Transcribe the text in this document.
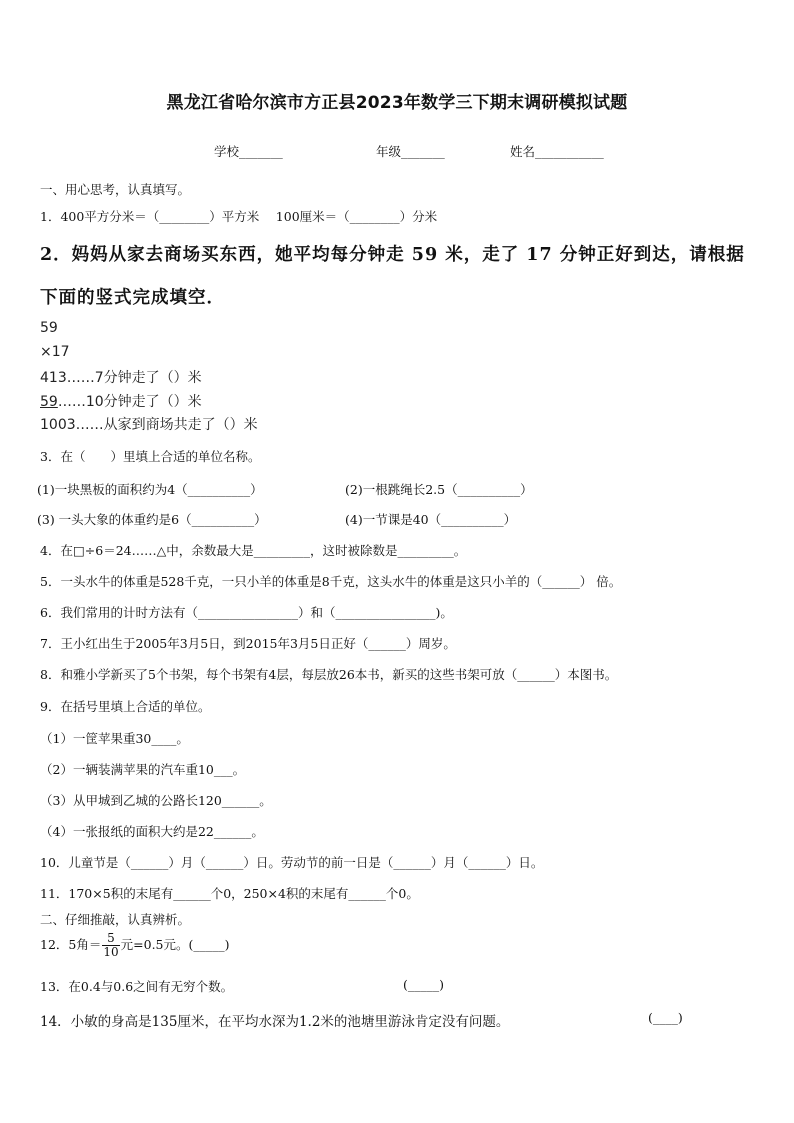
黑龙江省哈尔滨市方正县2023年数学三下期末调研模拟试题
学校_______	年级_______	姓名___________
一、用心思考，认真填写。
1．400平方分米＝（________）平方米　 100厘米＝（________）分米
2．妈妈从家去商场买东西，她平均每分钟走 59 米，走了 17 分钟正好到达，请根据
下面的竖式完成填空．
59
×17
413……7分钟走了（）米
59……10分钟走了（）米
1003……从家到商场共走了（）米
3．在（　　）里填上合适的单位名称。
(1)一块黑板的面积约为4（__________）	(2)一根跳绳长2.5（__________）
(3) 一头大象的体重约是6（__________）	(4)一节课是40（__________）
4．在□÷6＝24……△中，余数最大是_________，这时被除数是_________。
5．一头水牛的体重是528千克，一只小羊的体重是8千克，这头水牛的体重是这只小羊的（______） 倍。
6．我们常用的计时方法有（________________）和（________________)。
7．王小红出生于2005年3月5日，到2015年3月5日正好（______）周岁。
8．和雅小学新买了5个书架，每个书架有4层，每层放26本书，新买的这些书架可放（______）本图书。
9．在括号里填上合适的单位。
（1）一筐苹果重30____。
（2）一辆装满苹果的汽车重10___。
（3）从甲城到乙城的公路长120______。
（4）一张报纸的面积大约是22______。
10．儿童节是（______）月（______）日。劳动节的前一日是（______）月（______）日。
11．170×5积的末尾有______个0，250×4积的末尾有______个0。
二、仔细推敲，认真辨析。
12．5角＝ $\frac{5}{10}$ 元=0.5元。(_____)
13．在0.4与0.6之间有无穷个数。	(_____)
14．小敏的身高是135厘米，在平均水深为1.2米的池塘里游泳肯定没有问题。	(____)
